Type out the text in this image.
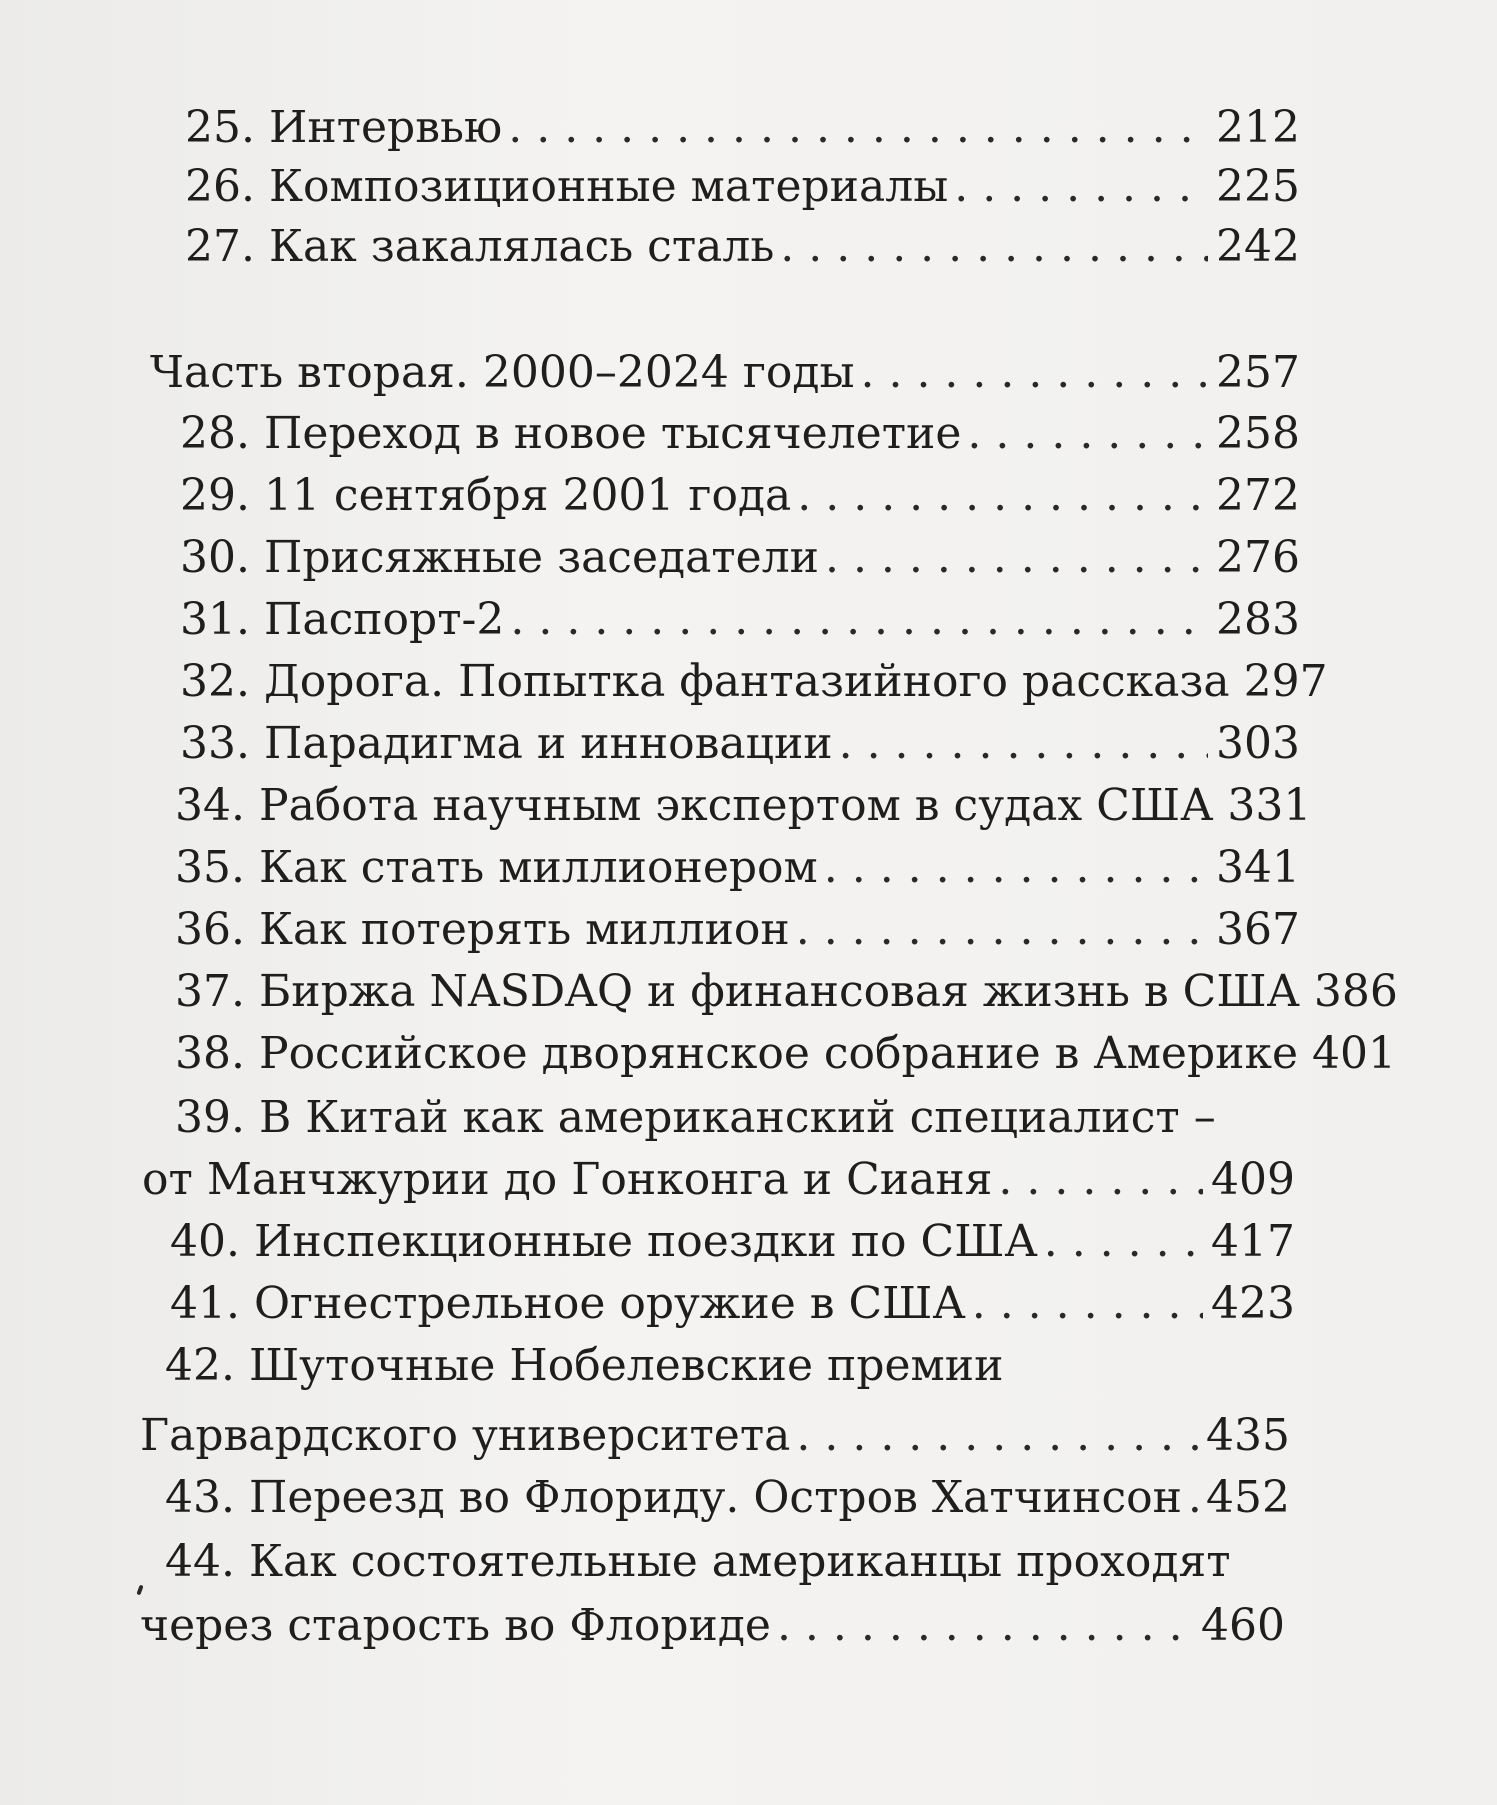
25. Интервью . . .	212
26. Композиционные материалы . . .	225
27. Как закалялась сталь . . .	242
Часть вторая. 2000–2024 годы . . .	257
28. Переход в новое тысячелетие . . .	258
29. 11 сентября 2001 года . . .	272
30. Присяжные заседатели . . .	276
31. Паспорт-2 . . .	283
32. Дорога. Попытка фантазийного рассказа 297
33. Парадигма и инновации . . .	303
34. Работа научным экспертом в судах США 331
35. Как стать миллионером . . .	341
36. Как потерять миллион . . .	367
37. Биржа NASDAQ и финансовая жизнь в США 386
38. Российское дворянское собрание в Америке 401
39. В Китай как американский специалист –
от Манчжурии до Гонконга и Сианя . . .	409
40. Инспекционные поездки по США . . .	417
41. Огнестрельное оружие в США . . .	423
42. Шуточные Нобелевские премии
Гарвардского университета . . .	435
43. Переезд во Флориду. Остров Хатчинсон . . . 452
44. Как состоятельные американцы проходят
через старость во Флориде . . .	460
